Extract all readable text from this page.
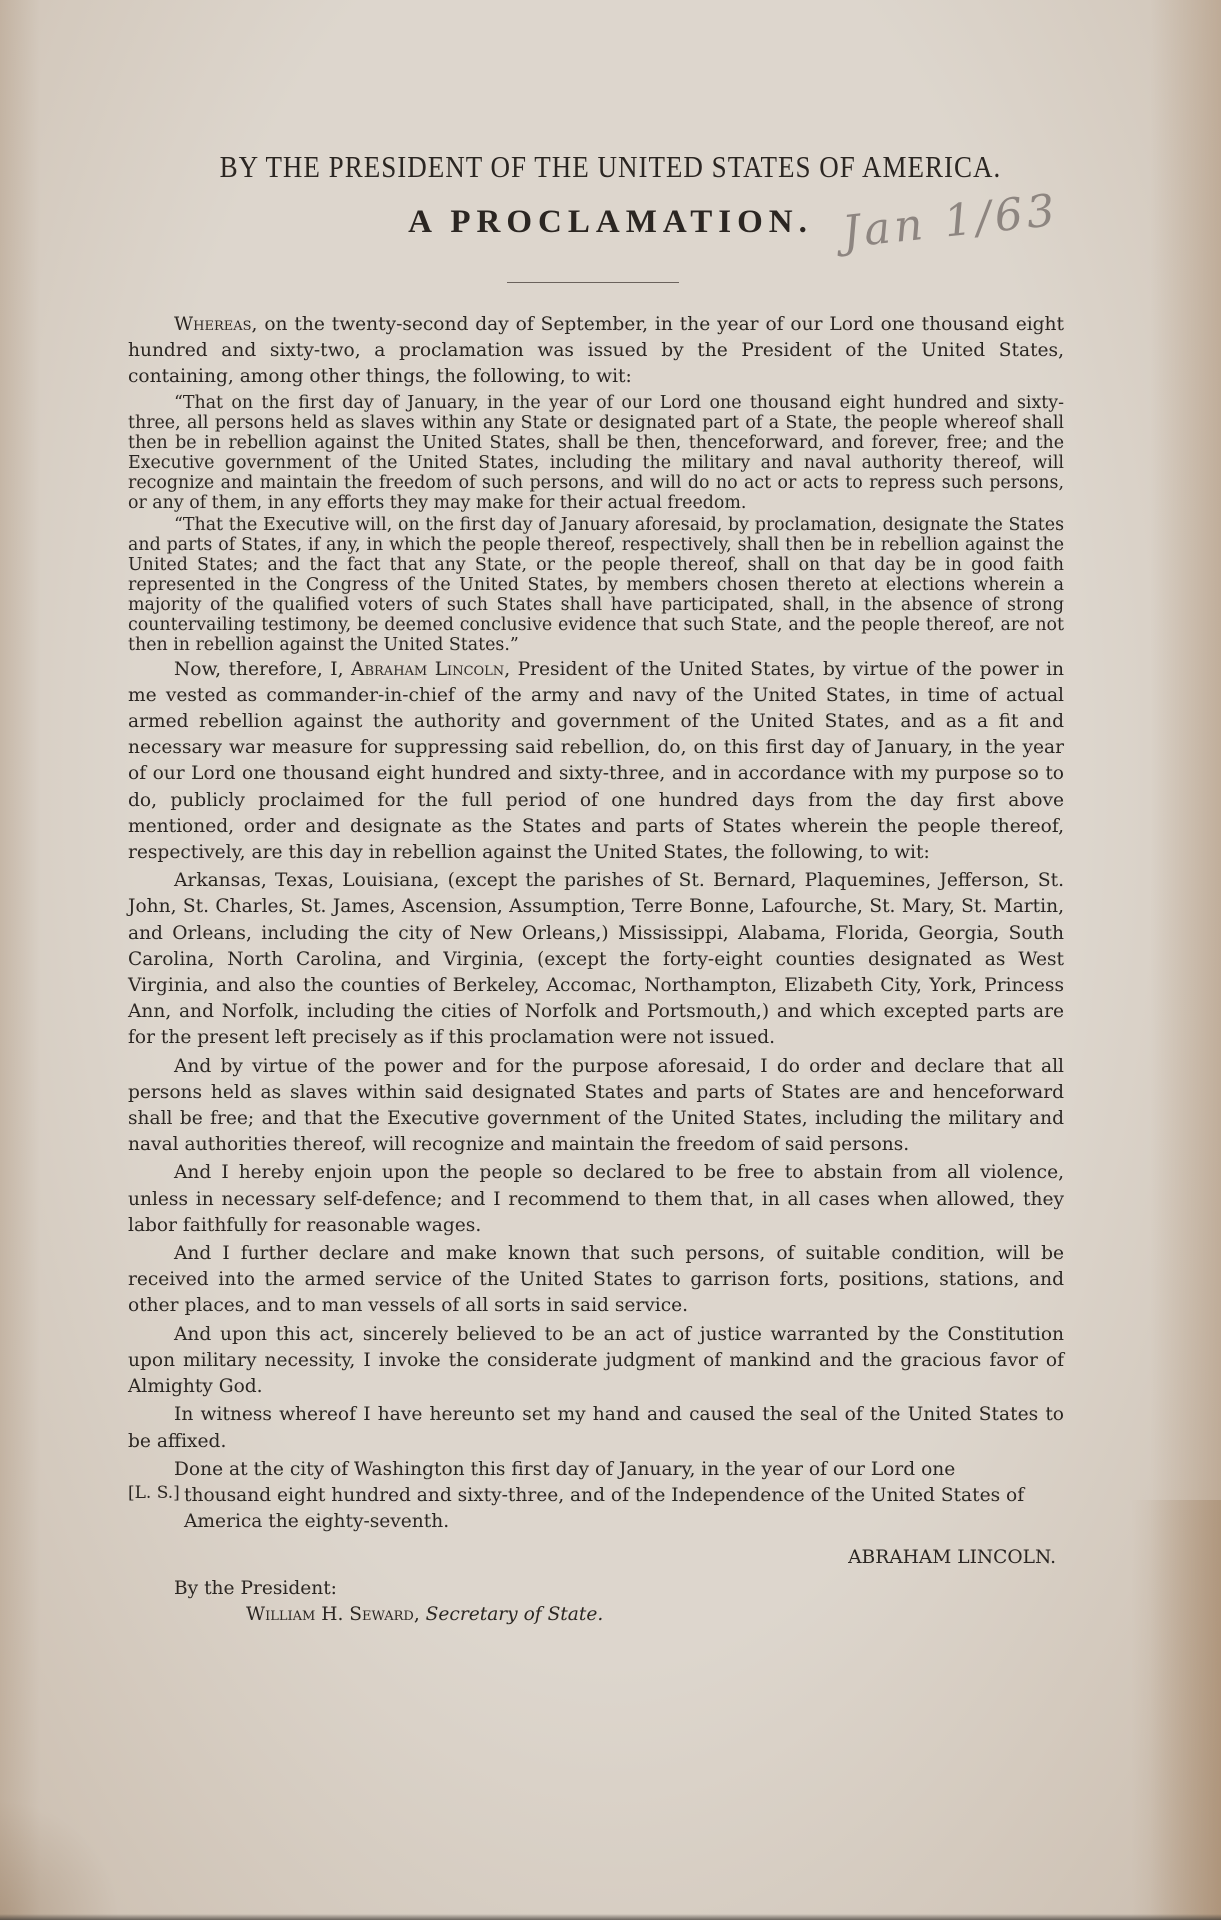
BY THE PRESIDENT OF THE UNITED STATES OF AMERICA.
A PROCLAMATION. Jan 1/63

Whereas, on the twenty-second day of September, in the year of our Lord one thousand eight hundred and sixty-two, a proclamation was issued by the President of the United States, containing, among other things, the following, to wit:

“That on the first day of January, in the year of our Lord one thousand eight hundred and sixty-three, all persons held as slaves within any State or designated part of a State, the people whereof shall then be in rebellion against the United States, shall be then, thenceforward, and forever, free; and the Executive government of the United States, including the military and naval authority thereof, will recognize and maintain the freedom of such persons, and will do no act or acts to repress such persons, or any of them, in any efforts they may make for their actual freedom.

“That the Executive will, on the first day of January aforesaid, by proclamation, designate the States and parts of States, if any, in which the people thereof, respectively, shall then be in rebellion against the United States; and the fact that any State, or the people thereof, shall on that day be in good faith represented in the Congress of the United States, by members chosen thereto at elections wherein a majority of the qualified voters of such States shall have participated, shall, in the absence of strong countervailing testimony, be deemed conclusive evidence that such State, and the people thereof, are not then in rebellion against the United States.”

Now, therefore, I, Abraham Lincoln, President of the United States, by virtue of the power in me vested as commander-in-chief of the army and navy of the United States, in time of actual armed rebellion against the authority and government of the United States, and as a fit and necessary war measure for suppressing said rebellion, do, on this first day of January, in the year of our Lord one thousand eight hundred and sixty-three, and in accordance with my purpose so to do, publicly proclaimed for the full period of one hundred days from the day first above mentioned, order and designate as the States and parts of States wherein the people thereof, respectively, are this day in rebellion against the United States, the following, to wit:

Arkansas, Texas, Louisiana, (except the parishes of St. Bernard, Plaquemines, Jefferson, St. John, St. Charles, St. James, Ascension, Assumption, Terre Bonne, Lafourche, St. Mary, St. Martin, and Orleans, including the city of New Orleans,) Mississippi, Alabama, Florida, Georgia, South Carolina, North Carolina, and Virginia, (except the forty-eight counties designated as West Virginia, and also the counties of Berkeley, Accomac, Northampton, Elizabeth City, York, Princess Ann, and Norfolk, including the cities of Norfolk and Portsmouth,) and which excepted parts are for the present left precisely as if this proclamation were not issued.

And by virtue of the power and for the purpose aforesaid, I do order and declare that all persons held as slaves within said designated States and parts of States are and henceforward shall be free; and that the Executive government of the United States, including the military and naval authorities thereof, will recognize and maintain the freedom of said persons.

And I hereby enjoin upon the people so declared to be free to abstain from all violence, unless in necessary self-defence; and I recommend to them that, in all cases when allowed, they labor faithfully for reasonable wages.

And I further declare and make known that such persons, of suitable condition, will be received into the armed service of the United States to garrison forts, positions, stations, and other places, and to man vessels of all sorts in said service.

And upon this act, sincerely believed to be an act of justice warranted by the Constitution upon military necessity, I invoke the considerate judgment of mankind and the gracious favor of Almighty God.

In witness whereof I have hereunto set my hand and caused the seal of the United States to be affixed.

[L. S.]

Done at the city of Washington this first day of January, in the year of our Lord one
thousand eight hundred and sixty-three, and of the Independence of the United States of
America the eighty-seventh.

ABRAHAM LINCOLN.
By the President:
William H. Seward, Secretary of State.
